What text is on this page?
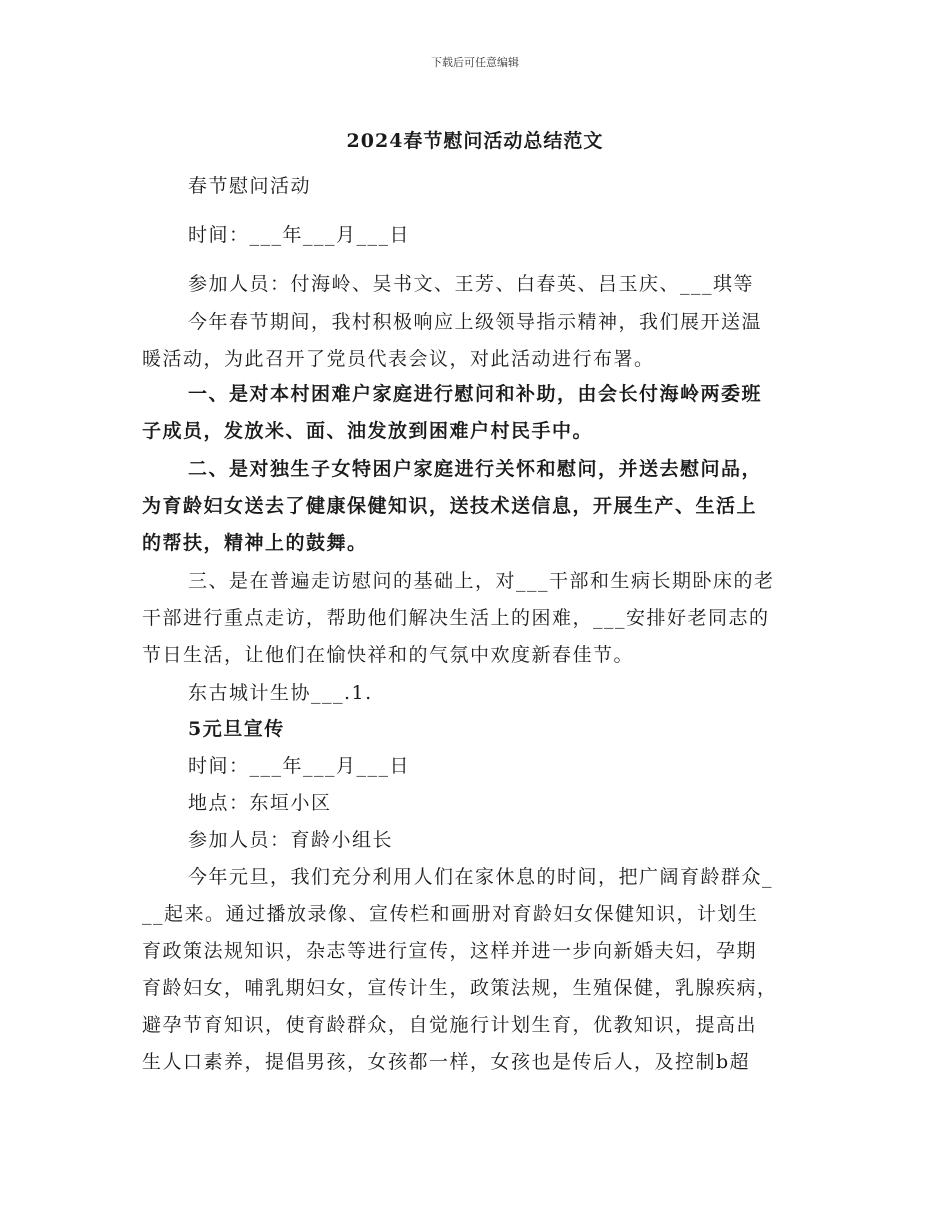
下载后可任意编辑
2024春节慰问活动总结范文
春节慰问活动
时间：___年___月___日
参加人员：付海岭、吴书文、王芳、白春英、吕玉庆、___琪等
今年春节期间，我村积极响应上级领导指示精神，我们展开送温
暖活动，为此召开了党员代表会议，对此活动进行布署。
一、是对本村困难户家庭进行慰问和补助，由会长付海岭两委班
子成员，发放米、面、油发放到困难户村民手中。
二、是对独生子女特困户家庭进行关怀和慰问，并送去慰问品，
为育龄妇女送去了健康保健知识，送技术送信息，开展生产、生活上
的帮扶，精神上的鼓舞。
三、是在普遍走访慰问的基础上，对___干部和生病长期卧床的老
干部进行重点走访，帮助他们解决生活上的困难，___安排好老同志的
节日生活，让他们在愉快祥和的气氛中欢度新春佳节。
东古城计生协___.1.
5元旦宣传
时间：___年___月___日
地点：东垣小区
参加人员：育龄小组长
今年元旦，我们充分利用人们在家休息的时间，把广阔育龄群众_
__起来。通过播放录像、宣传栏和画册对育龄妇女保健知识，计划生
育政策法规知识，杂志等进行宣传，这样并进一步向新婚夫妇，孕期
育龄妇女，哺乳期妇女，宣传计生，政策法规，生殖保健，乳腺疾病，
避孕节育知识，使育龄群众，自觉施行计划生育，优教知识，提高出
生人口素养，提倡男孩，女孩都一样，女孩也是传后人，及控制b超
